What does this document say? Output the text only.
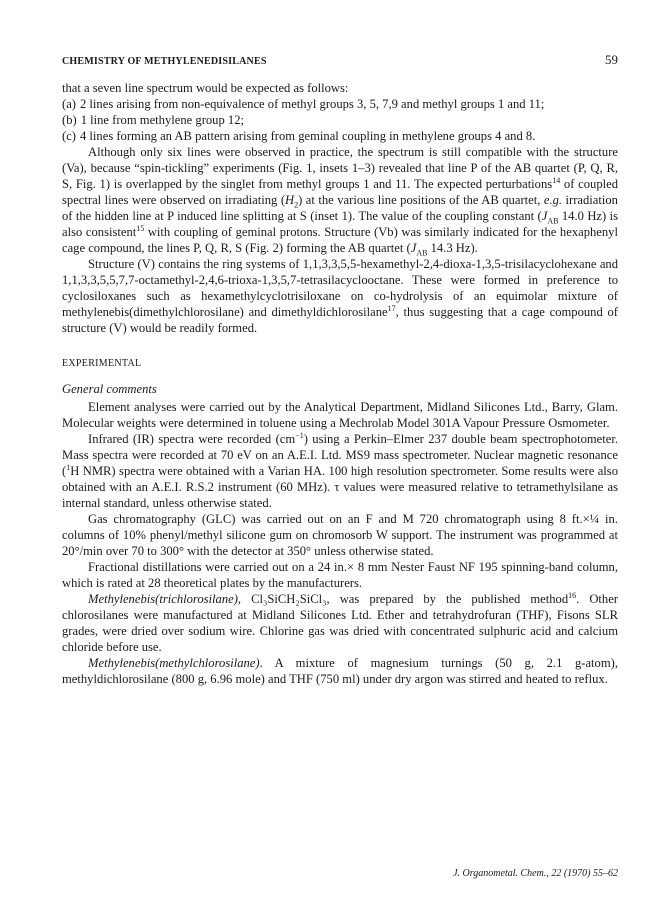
CHEMISTRY OF METHYLENEDISILANES	59

that a seven line spectrum would be expected as follows:

(a) 2 lines arising from non-equivalence of methyl groups 3, 5, 7,9 and methyl groups 1 and 11;
(b) 1 line from methylene group 12;
(c) 4 lines forming an AB pattern arising from geminal coupling in methylene groups 4 and 8.

Although only six lines were observed in practice, the spectrum is still compatible with the structure (Va), because “spin-tickling” experiments (Fig. 1, insets 1–3) revealed that line P of the AB quartet (P, Q, R, S, Fig. 1) is overlapped by the singlet from methyl groups 1 and 11. The expected perturbations$^{14}$ of coupled spectral lines were observed on irradiating $(H_2)$ at the various line positions of the AB quartet, e.g. irradiation of the hidden line at P induced line splitting at S (inset 1). The value of the coupling constant ($J_{AB}$ 14.0 Hz) is also consistent$^{15}$ with coupling of geminal protons. Structure (Vb) was similarly indicated for the hexaphenyl cage compound, the lines P, Q, R, S (Fig. 2) forming the AB quartet ($J_{AB}$ 14.3 Hz).

Structure (V) contains the ring systems of 1,1,3,3,5,5-hexamethyl-2,4-dioxa-1,3,5-trisilacyclohexane and 1,1,3,3,5,5,7,7-octamethyl-2,4,6-trioxa-1,3,5,7-tetrasilacyclooctane. These were formed in preference to cyclosiloxanes such as hexamethylcyclotrisiloxane on co-hydrolysis of an equimolar mixture of methylenebis(dimethylchlorosilane) and dimethyldichlorosilane$^{17}$, thus suggesting that a cage compound of structure (V) would be readily formed.

EXPERIMENTAL
General comments

Element analyses were carried out by the Analytical Department, Midland Silicones Ltd., Barry, Glam. Molecular weights were determined in toluene using a Mechrolab Model 301A Vapour Pressure Osmometer.

Infrared (IR) spectra were recorded $(cm^{-1})$ using a Perkin–Elmer 237 double beam spectrophotometer. Mass spectra were recorded at 70 eV on an A.E.I. Ltd. MS9 mass spectrometer. Nuclear magnetic resonance ($^1$H NMR) spectra were obtained with a Varian HA. 100 high resolution spectrometer. Some results were also obtained with an A.E.I. R.S.2 instrument (60 MHz). τ values were measured relative to tetramethylsilane as internal standard, unless otherwise stated.

Gas chromatography (GLC) was carried out on an F and M 720 chromatograph using 8 ft.×¼ in. columns of 10% phenyl/methyl silicone gum on chromosorb W support. The instrument was programmed at 20°/min over 70 to 300° with the detector at 350° unless otherwise stated.

Fractional distillations were carried out on a 24 in.× 8 mm Nester Faust NF 195 spinning-band column, which is rated at 28 theoretical plates by the manufacturers.

Methylenebis(trichlorosilane), Cl₃SiCH₂SiCl₃, was prepared by the published method$^{16}$. Other chlorosilanes were manufactured at Midland Silicones Ltd. Ether and tetrahydrofuran (THF), Fisons SLR grades, were dried over sodium wire. Chlorine gas was dried with concentrated sulphuric acid and calcium chloride before use.

Methylenebis(methylchlorosilane). A mixture of magnesium turnings (50 g, 2.1 g-atom), methyldichlorosilane (800 g, 6.96 mole) and THF (750 ml) under dry argon was stirred and heated to reflux.

J. Organometal. Chem., 22 (1970) 55–62
